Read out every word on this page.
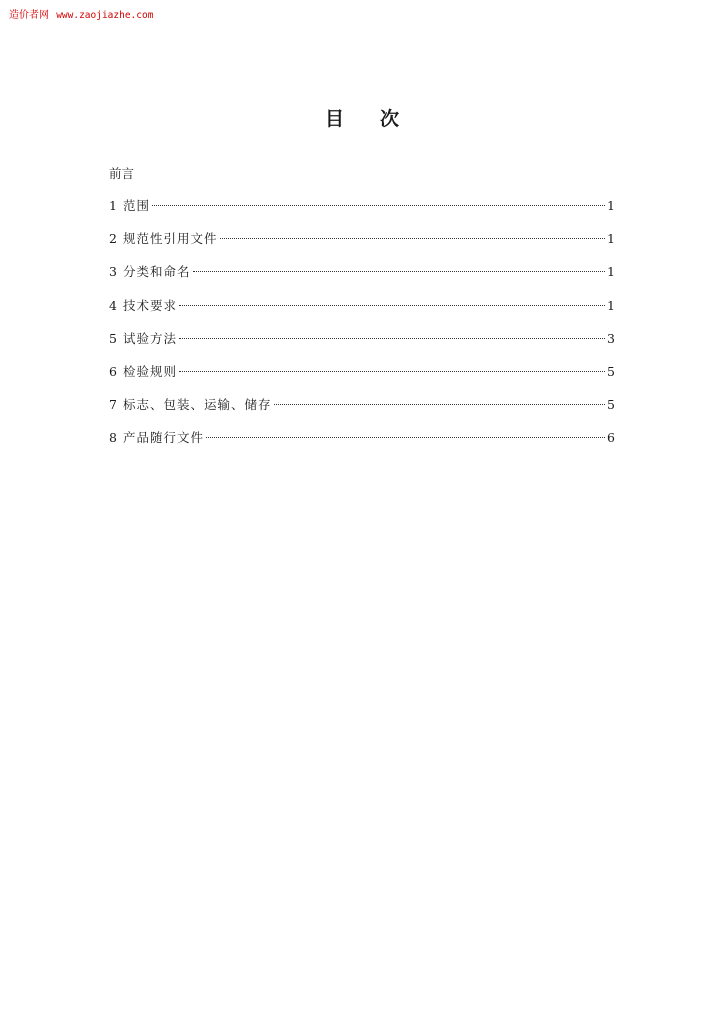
造价者网 www.zaojiazhe.com
目次
前言
1 范围	1
2 规范性引用文件	1
3 分类和命名	1
4 技术要求	1
5 试验方法	3
6 检验规则	5
7 标志、包装、运输、储存	5
8 产品随行文件	6
